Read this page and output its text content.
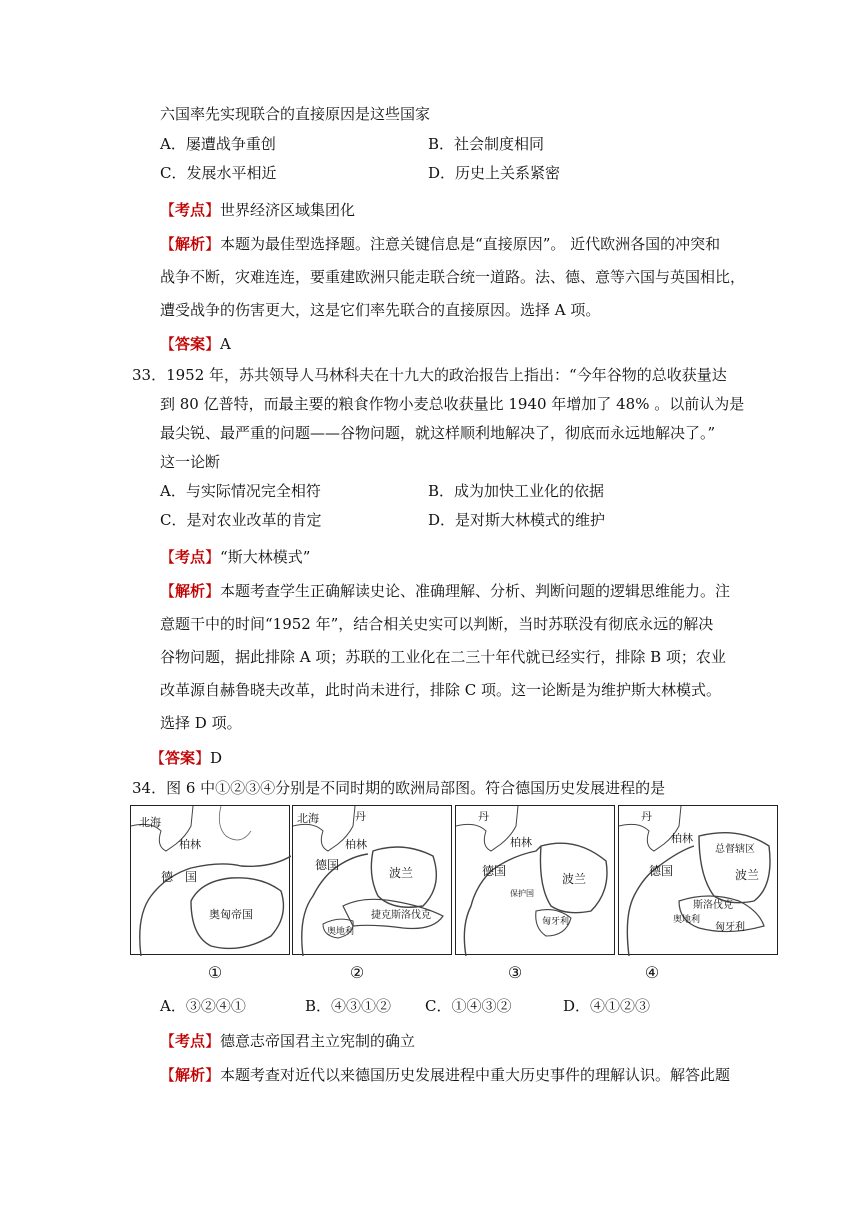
六国率先实现联合的直接原因是这些国家
A．屡遭战争重创	B．社会制度相同
C．发展水平相近	D．历史上关系紧密
【考点】世界经济区域集团化
【解析】本题为最佳型选择题。注意关键信息是“直接原因”。 近代欧洲各国的冲突和
战争不断，灾难连连，要重建欧洲只能走联合统一道路。法、德、意等六国与英国相比，
遭受战争的伤害更大，这是它们率先联合的直接原因。选择 A 项。
【答案】A
33．1952 年，苏共领导人马林科夫在十九大的政治报告上指出：“今年谷物的总收获量达
到 80 亿普特，而最主要的粮食作物小麦总收获量比 1940 年增加了 48% 。以前认为是
最尖锐、最严重的问题——谷物问题，就这样顺利地解决了，彻底而永远地解决了。”
这一论断
A．与实际情况完全相符	B．成为加快工业化的依据
C．是对农业改革的肯定	D．是对斯大林模式的维护
【考点】“斯大林模式”
【解析】本题考查学生正确解读史论、准确理解、分析、判断问题的逻辑思维能力。注
意题干中的时间“1952 年”，结合相关史实可以判断，当时苏联没有彻底永远的解决
谷物问题，据此排除 A 项；苏联的工业化在二三十年代就已经实行，排除 B 项；农业
改革源自赫鲁晓夫改革，此时尚未进行，排除 C 项。这一论断是为维护斯大林模式。
选择 D 项。
【答案】D
34．图 6 中①②③④分别是不同时期的欧洲局部图。符合德国历史发展进程的是
北海
柏林
德　国
奥匈帝国
北海	丹
柏林
德国
波兰
捷克斯洛伐克
奥地利
丹
柏林
德国
波兰
匈牙利
保护国
丹
柏林
德国	波兰
总督辖区
斯洛伐克
匈牙利
奥地利
①	②	③	④
A．③②④①	B．④③①② C．①④③②	D．④①②③
【考点】德意志帝国君主立宪制的确立
【解析】本题考查对近代以来德国历史发展进程中重大历史事件的理解认识。解答此题
